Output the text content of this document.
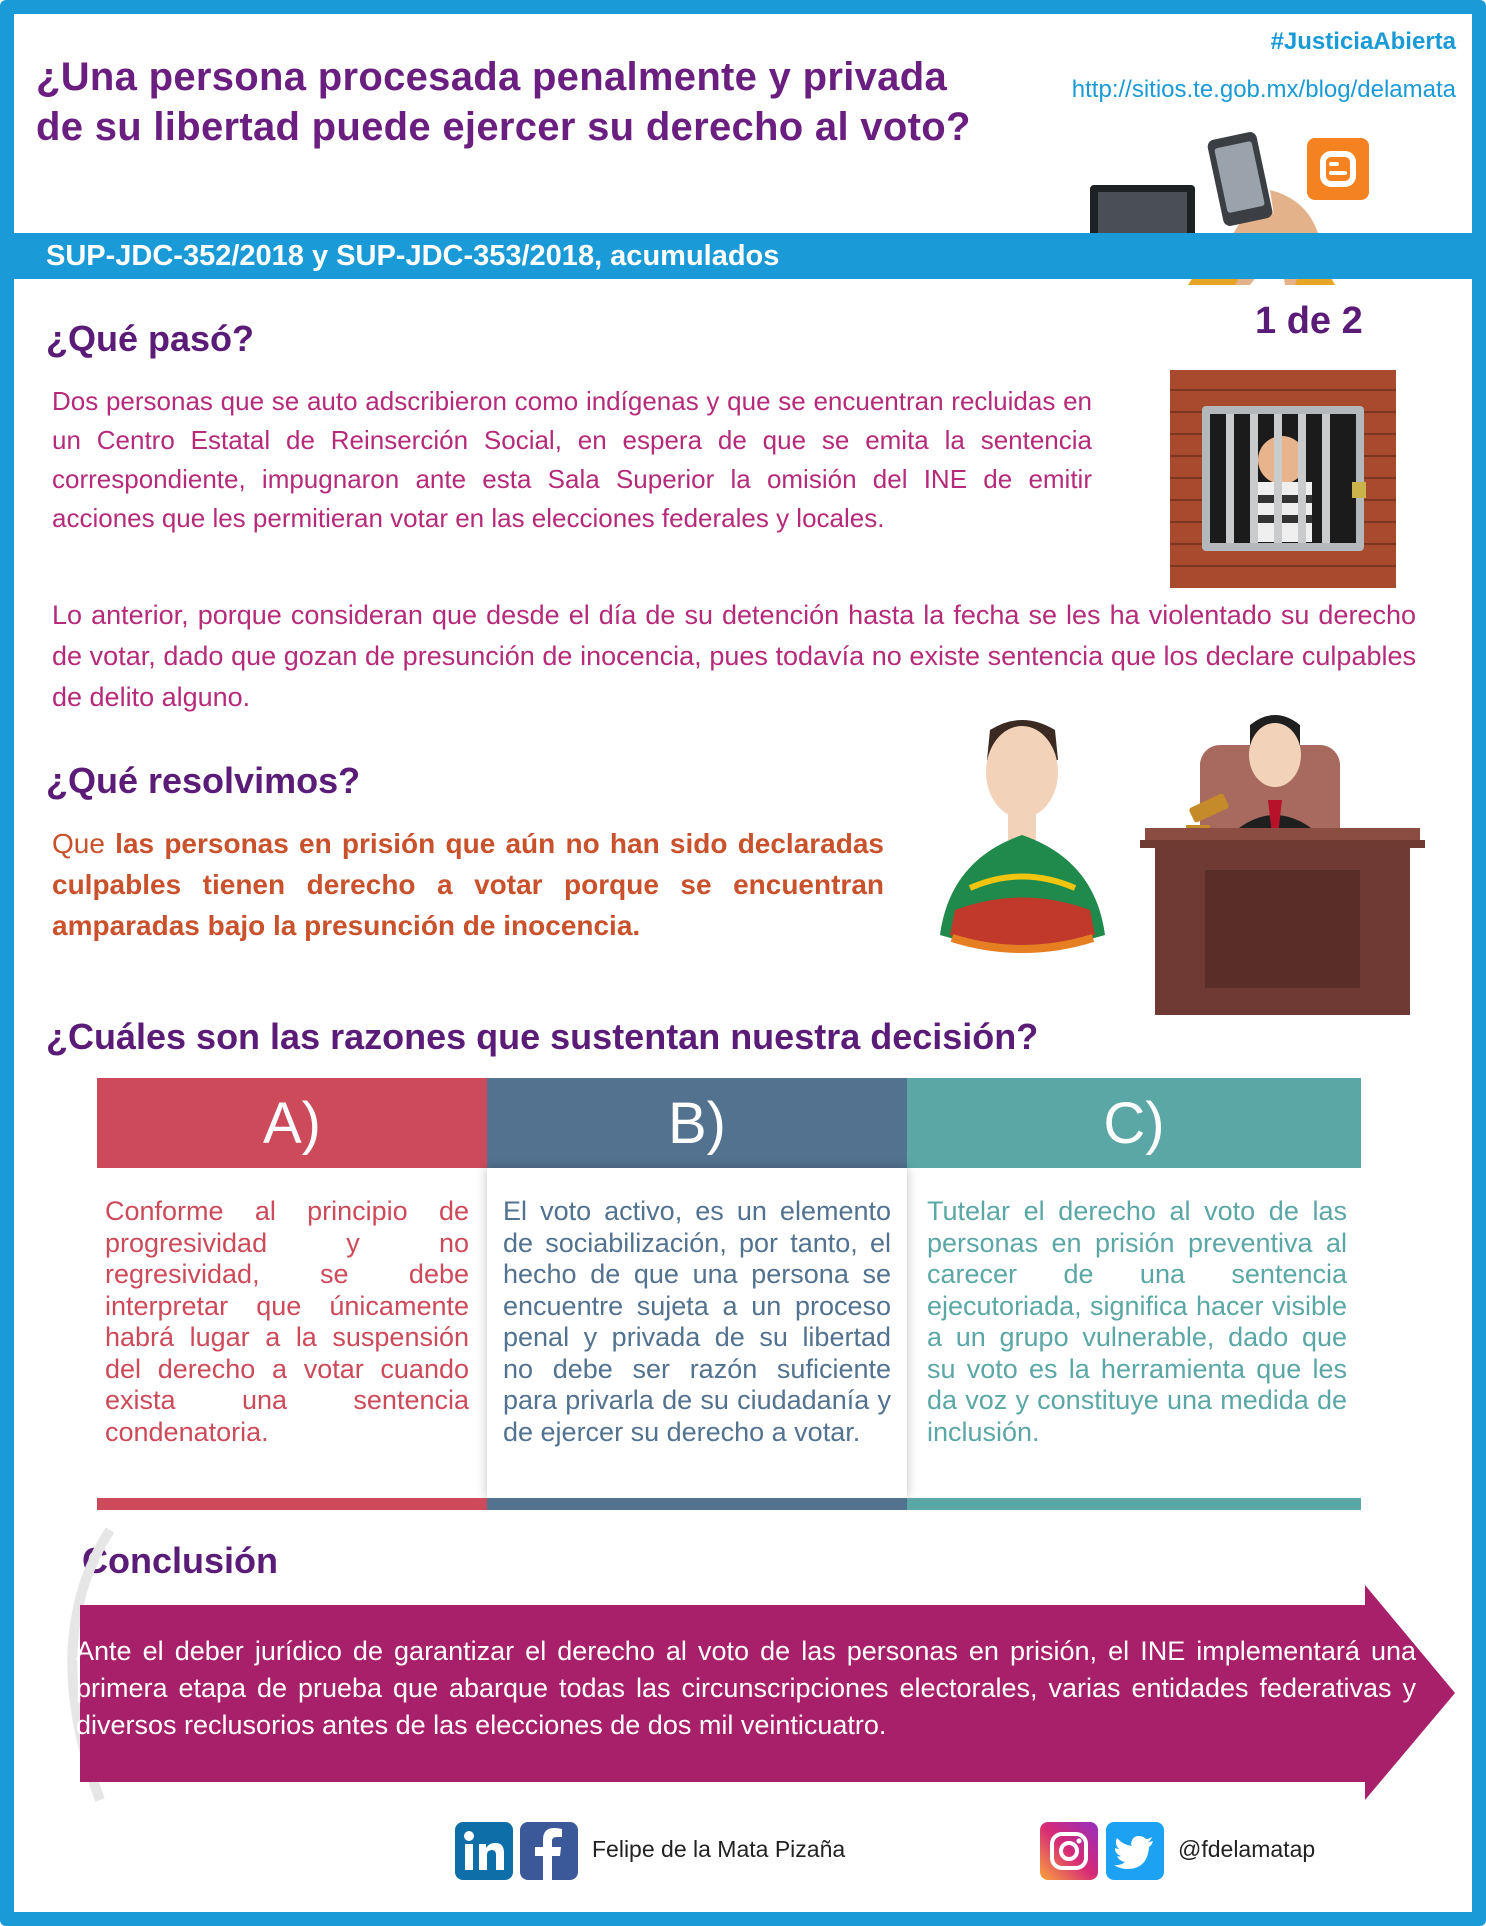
¿Una persona procesada penalmente y privada de su libertad puede ejercer su derecho al voto?
#JusticiaAbierta
http://sitios.te.gob.mx/blog/delamata
SUP-JDC-352/2018 y SUP-JDC-353/2018, acumulados
¿Qué pasó?	1 de 2
Dos personas que se auto adscribieron como indígenas y que se encuentran recluidas en un Centro Estatal de Reinserción Social, en espera de que se emita la sentencia correspondiente, impugnaron ante esta Sala Superior la omisión del INE de emitir acciones que les permitieran votar en las elecciones federales y locales.
Lo anterior, porque consideran que desde el día de su detención hasta la fecha se les ha violentado su derecho de votar, dado que gozan de presunción de inocencia, pues todavía no existe sentencia que los declare culpables de delito alguno.
¿Qué resolvimos?
Que las personas en prisión que aún no han sido declaradas culpables tienen derecho a votar porque se encuentran amparadas bajo la presunción de inocencia.
¿Cuáles son las razones que sustentan nuestra decisión?
A)	B)	C)
Conforme al principio de progresividad y no regresividad, se debe interpretar que únicamente habrá lugar a la suspensión del derecho a votar cuando exista una sentencia condenatoria.
El voto activo, es un elemento de sociabilización, por tanto, el hecho de que una persona se encuentre sujeta a un proceso penal y privada de su libertad no debe ser razón suficiente para privarla de su ciudadanía y de ejercer su derecho a votar.
Tutelar el derecho al voto de las personas en prisión preventiva al carecer de una sentencia ejecutoriada, significa hacer visible a un grupo vulnerable, dado que su voto es la herramienta que les da voz y constituye una medida de inclusión.
Conclusión
Ante el deber jurídico de garantizar el derecho al voto de las personas en prisión, el INE implementará una primera etapa de prueba que abarque todas las circunscripciones electorales, varias entidades federativas y diversos reclusorios antes de las elecciones de dos mil veinticuatro.
Felipe de la Mata Pizaña	@fdelamatap
